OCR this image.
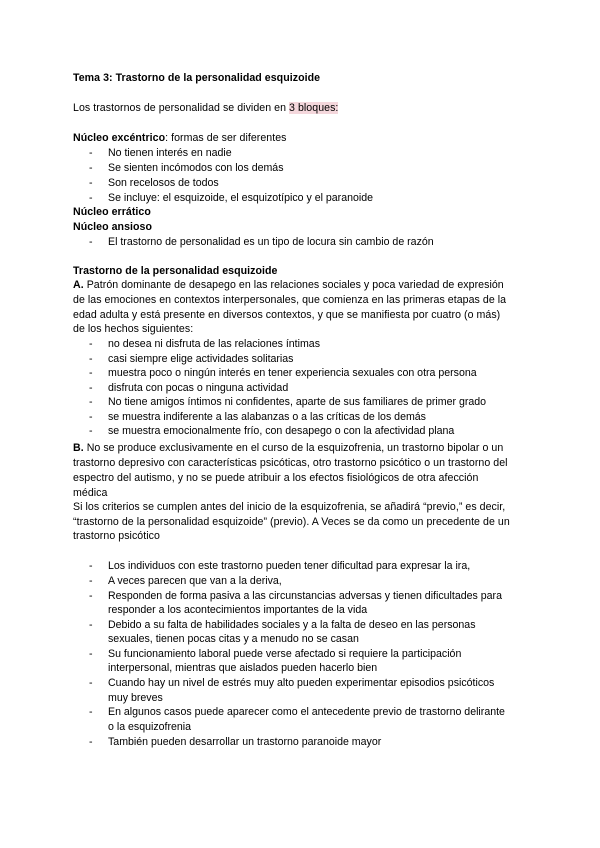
Tema 3: Trastorno de la personalidad esquizoide
Los trastornos de personalidad se dividen en 3 bloques:
Núcleo excéntrico: formas de ser diferentes
- No tienen interés en nadie
- Se sienten incómodos con los demás
- Son recelosos de todos
- Se incluye: el esquizoide, el esquizotípico y el paranoide
Núcleo errático
Núcleo ansioso
- El trastorno de personalidad es un tipo de locura sin cambio de razón
Trastorno de la personalidad esquizoide
A. Patrón dominante de desapego en las relaciones sociales y poca variedad de expresión
de las emociones en contextos interpersonales, que comienza en las primeras etapas de la
edad adulta y está presente en diversos contextos, y que se manifiesta por cuatro (o más)
de los hechos siguientes:
- no desea ni disfruta de las relaciones íntimas
- casi siempre elige actividades solitarias
- muestra poco o ningún interés en tener experiencia sexuales con otra persona
- disfruta con pocas o ninguna actividad
- No tiene amigos íntimos ni confidentes, aparte de sus familiares de primer grado
- se muestra indiferente a las alabanzas o a las críticas de los demás
- se muestra emocionalmente frío, con desapego o con la afectividad plana
B. No se produce exclusivamente en el curso de la esquizofrenia, un trastorno bipolar o un
trastorno depresivo con características psicóticas, otro trastorno psicótico o un trastorno del
espectro del autismo, y no se puede atribuir a los efectos fisiológicos de otra afección
médica
Si los criterios se cumplen antes del inicio de la esquizofrenia, se añadirá “previo,” es decir,
“trastorno de la personalidad esquizoide” (previo). A Veces se da como un precedente de un
trastorno psicótico
- Los individuos con este trastorno pueden tener dificultad para expresar la ira,
- A veces parecen que van a la deriva,
- Responden de forma pasiva a las circunstancias adversas y tienen dificultades para
responder a los acontecimientos importantes de la vida
- Debido a su falta de habilidades sociales y a la falta de deseo en las personas
sexuales, tienen pocas citas y a menudo no se casan
- Su funcionamiento laboral puede verse afectado si requiere la participación
interpersonal, mientras que aislados pueden hacerlo bien
- Cuando hay un nivel de estrés muy alto pueden experimentar episodios psicóticos
muy breves
- En algunos casos puede aparecer como el antecedente previo de trastorno delirante
o la esquizofrenia
- También pueden desarrollar un trastorno paranoide mayor
